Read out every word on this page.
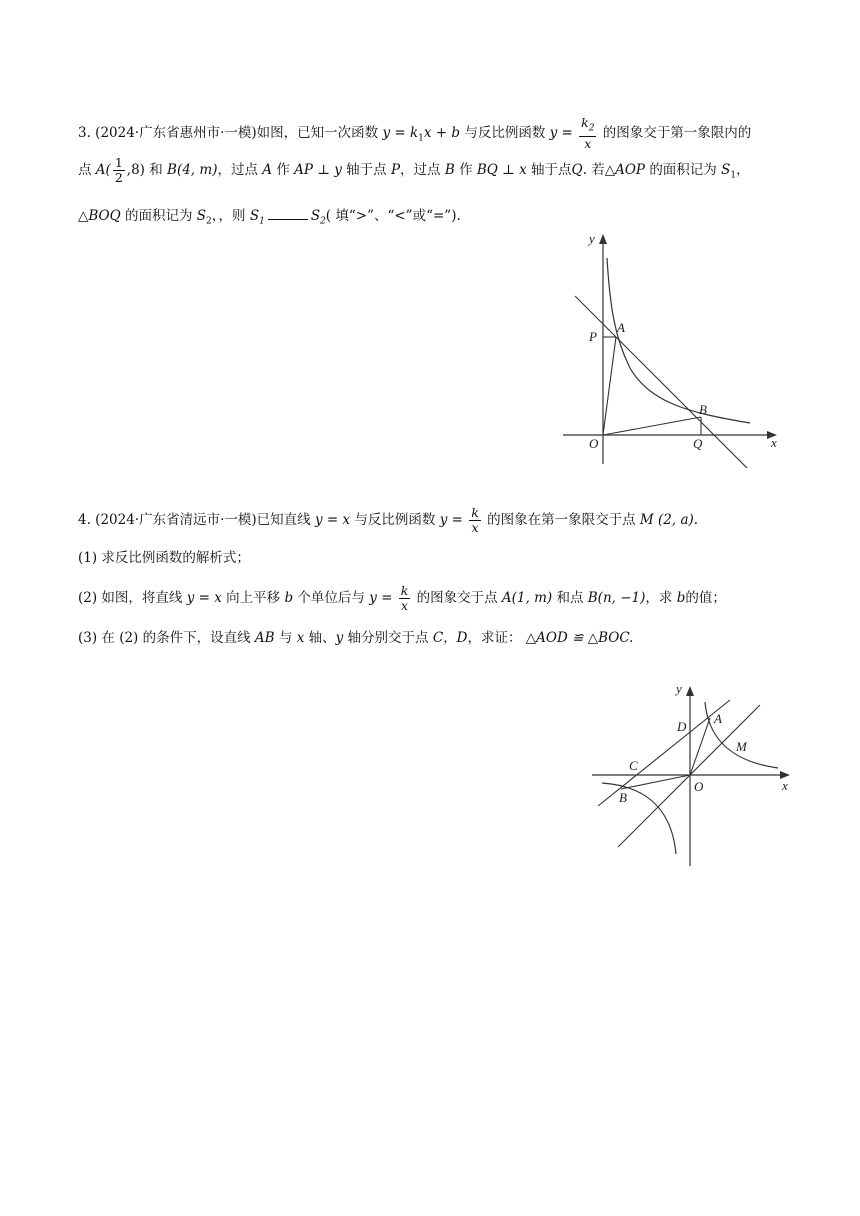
3. (2024·广东省惠州市·一模)如图，已知一次函数 $y = k_1x + b$ 与反比例函数 $y = \frac{k_2}{x}$ 的图象交于第一象限内的
点 $A( \frac{1}{2} ,8)$ 和 B(4, m)，过点 A 作 AP ⊥ y 轴于点 P，过点 B 作 BQ ⊥ x 轴于点Q. 若△AOP 的面积记为 $S_1$，
△BOQ 的面积记为 $S_2$，，则 $S_1$	$S_2$( 填“>”、“<”或“=”).
y
x
O
P
A
B
Q
4. (2024·广东省清远市·一模)已知直线 y = x 与反比例函数 $y = \frac{k}{x}$ 的图象在第一象限交于点 M (2, a).
(1) 求反比例函数的解析式；
(2) 如图，将直线 y = x 向上平移 b 个单位后与 $y = \frac{k}{x}$ 的图象交于点 A(1, m) 和点 B(n, −1)，求 b的值；
(3) 在 (2) 的条件下，设直线 AB 与 x 轴、y 轴分别交于点 C，D，求证： △AOD ≌ △BOC.
y
x
O
A
B
C
D
M
